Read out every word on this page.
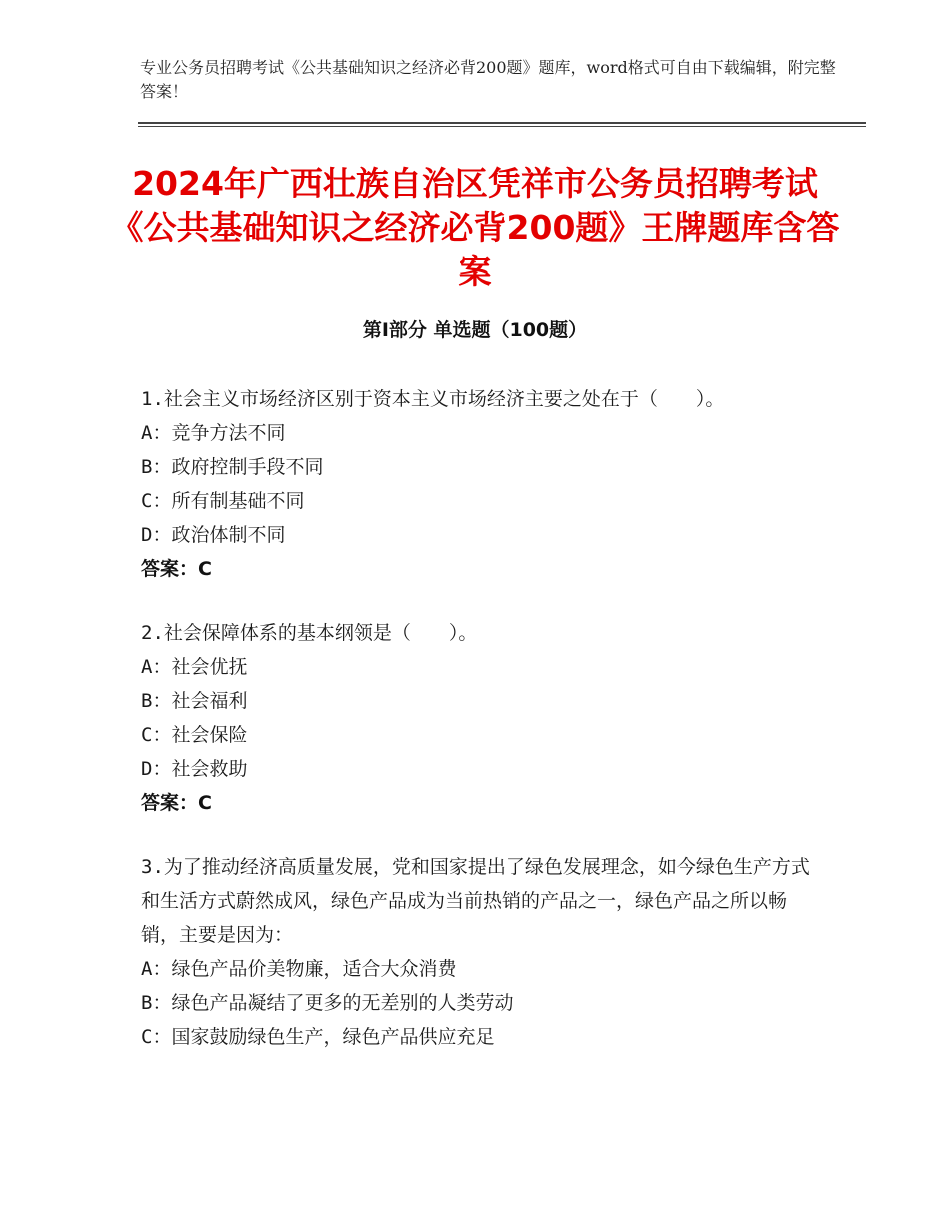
专业公务员招聘考试《公共基础知识之经济必背200题》题库，word格式可自由下载编辑，附完整答案！
2024年广西壮族自治区凭祥市公务员招聘考试《公共基础知识之经济必背200题》王牌题库含答案
第Ⅰ部分 单选题（100题）
1.社会主义市场经济区别于资本主义市场经济主要之处在于（　　）。
A：竞争方法不同
B：政府控制手段不同
C：所有制基础不同
D：政治体制不同
答案：C
2.社会保障体系的基本纲领是（　　）。
A：社会优抚
B：社会福利
C：社会保险
D：社会救助
答案：C
3.为了推动经济高质量发展，党和国家提出了绿色发展理念，如今绿色生产方式和生活方式蔚然成风，绿色产品成为当前热销的产品之一，绿色产品之所以畅销，主要是因为：
A：绿色产品价美物廉，适合大众消费
B：绿色产品凝结了更多的无差别的人类劳动
C：国家鼓励绿色生产，绿色产品供应充足
